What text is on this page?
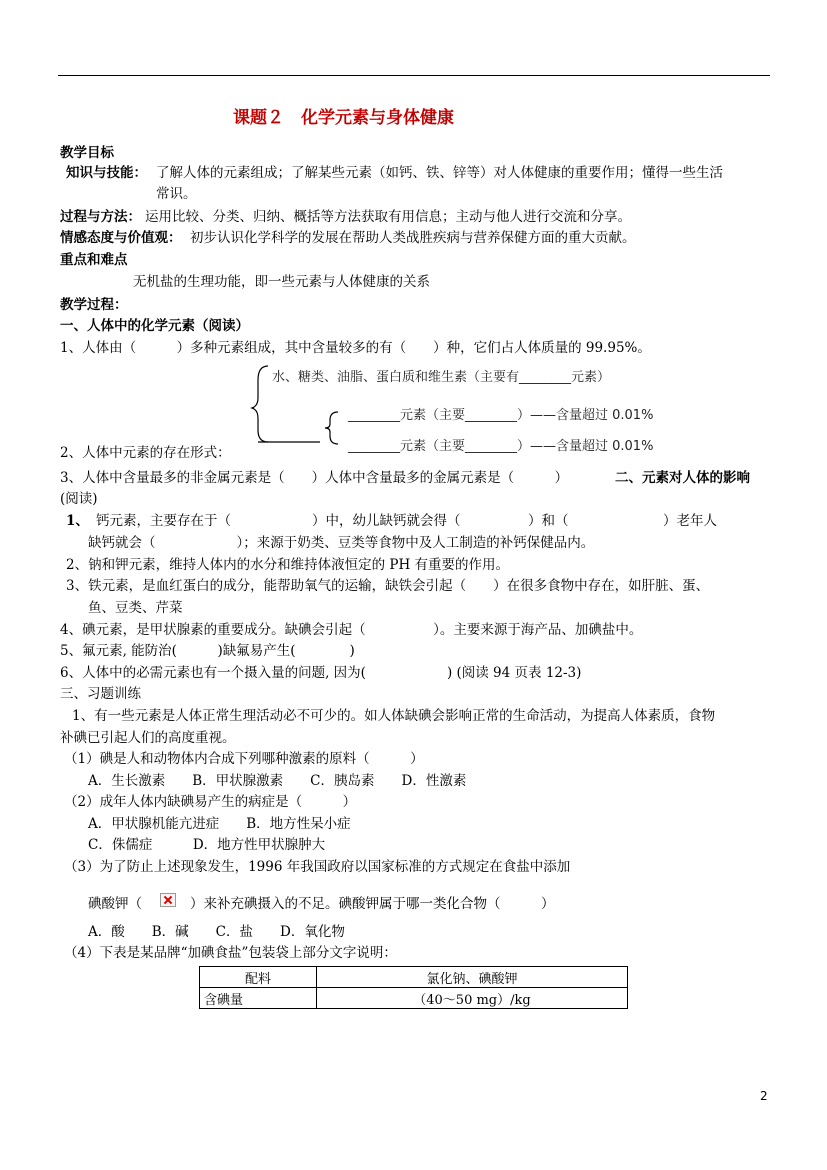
课题２　化学元素与身体健康
教学目标
知识与技能： 了解人体的元素组成；了解某些元素（如钙、铁、锌等）对人体健康的重要作用；懂得一些生活
常识。
过程与方法： 运用比较、分类、归纳、概括等方法获取有用信息；主动与他人进行交流和分享。
情感态度与价值观： 初步认识化学科学的发展在帮助人类战胜疾病与营养保健方面的重大贡献。
重点和难点
无机盐的生理功能，即一些元素与人体健康的关系
教学过程：
一、人体中的化学元素（阅读）
1、人体由（　　　）多种元素组成，其中含量较多的有（　　）种，它们占人体质量的 99.95%。
水、糖类、油脂、蛋白质和维生素（主要有________元素）
________元素（主要________）——含量超过 0.01%
________元素（主要________）——含量超过 0.01%
2、人体中元素的存在形式：
3、人体中含量最多的非金属元素是（　　）人体中含量最多的金属元素是（　　　）	二、元素对人体的影响
(阅读)
1、 钙元素，主要存在于（　　　　　　）中，幼儿缺钙就会得（　　　　　）和（　　　　　　　）老年人
缺钙就会（　　　　　　）；来源于奶类、豆类等食物中及人工制造的补钙保健品内。
2、钠和钾元素，维持人体内的水分和维持体液恒定的 PH 有重要的作用。
3、铁元素，是血红蛋白的成分，能帮助氧气的运输，缺铁会引起（　　）在很多食物中存在，如肝脏、蛋、
鱼、豆类、芹菜
4、碘元素，是甲状腺素的重要成分。缺碘会引起（　　　　　）。主要来源于海产品、加碘盐中。
5、氟元素, 能防治(　　　)缺氟易产生(　　　　)
6、人体中的必需元素也有一个摄入量的问题, 因为(　　　　　　) (阅读 94 页表 12-3)
三、习题训练
1、有一些元素是人体正常生理活动必不可少的。如人体缺碘会影响正常的生命活动，为提高人体素质，食物
补碘已引起人们的高度重视。
（1）碘是人和动物体内合成下列哪种激素的原料（　　　）
A．生长激素　　B．甲状腺激素　　C．胰岛素　　D．性激素
（2）成年人体内缺碘易产生的病症是（　　　）
A．甲状腺机能亢进症　　B．地方性呆小症
C．侏儒症　　　D．地方性甲状腺肿大
（3）为了防止上述现象发生，1996 年我国政府以国家标准的方式规定在食盐中添加
碘酸钾（	）来补充碘摄入的不足。碘酸钾属于哪一类化合物（　　　）
A．酸　　B．碱　　C．盐　　D．氧化物
（4）下表是某品牌“加碘食盐”包装袋上部分文字说明：
配料	氯化钠、碘酸钾
含碘量	（40～50 mg）/kg
2
